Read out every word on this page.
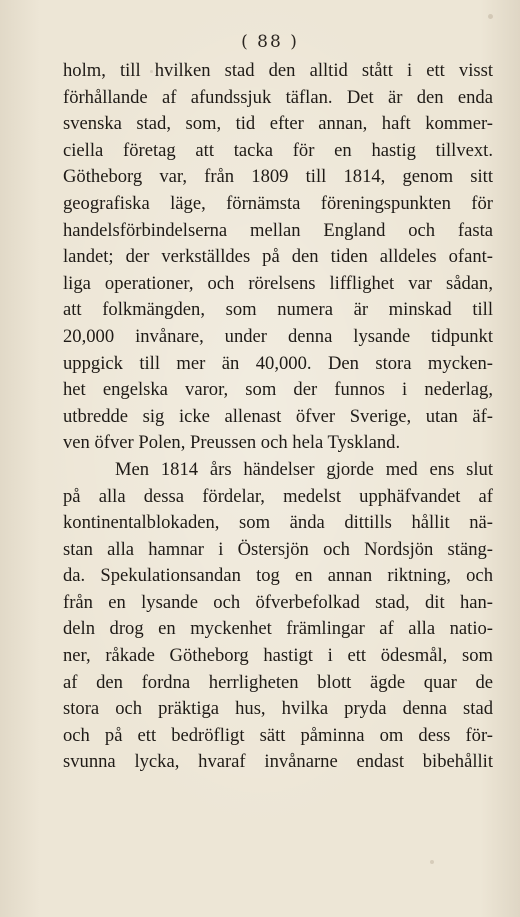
( 88 )
holm, till hvilken stad den alltid stått i ett visst
förhållande af afundssjuk täflan. Det är den enda
svenska stad, som, tid efter annan, haft kommer-
ciella företag att tacka för en hastig tillvext.
Götheborg var, från 1809 till 1814, genom sitt
geografiska läge, förnämsta föreningspunkten för
handelsförbindelserna mellan England och fasta
landet; der verkställdes på den tiden alldeles ofant-
liga operationer, och rörelsens lifflighet var sådan,
att folkmängden, som numera är minskad till
20,000 invånare, under denna lysande tidpunkt
uppgick till mer än 40,000. Den stora mycken-
het engelska varor, som der funnos i nederlag,
utbredde sig icke allenast öfver Sverige, utan äf-
ven öfver Polen, Preussen och hela Tyskland.
Men 1814 års händelser gjorde med ens slut
på alla dessa fördelar, medelst upphäfvandet af
kontinentalblokaden, som ända dittills hållit nä-
stan alla hamnar i Östersjön och Nordsjön stäng-
da. Spekulationsandan tog en annan riktning, och
från en lysande och öfverbefolkad stad, dit han-
deln drog en myckenhet främlingar af alla natio-
ner, råkade Götheborg hastigt i ett ödesmål, som
af den fordna herrligheten blott ägde quar de
stora och präktiga hus, hvilka pryda denna stad
och på ett bedröfligt sätt påminna om dess för-
svunna lycka, hvaraf invånarne endast bibehållit
